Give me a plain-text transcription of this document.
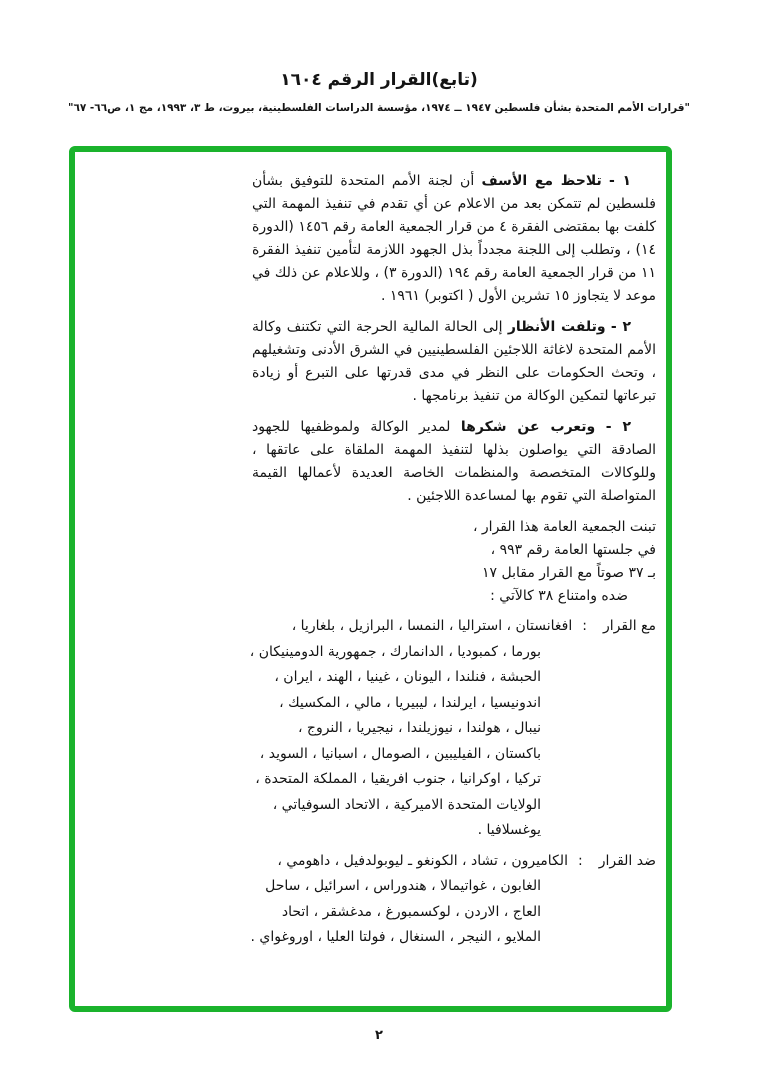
(تابع)القرار الرقم ١٦٠٤
"قرارات الأمم المتحدة بشأن فلسطين ١٩٤٧ ــ ١٩٧٤، مؤسسة الدراسات الفلسطينية، بيروت، ط ٣، ١٩٩٣، مج ١، ص٦٦- ٦٧"

١ - تلاحظ مع الأسف أن لجنة الأمم المتحدة للتوفيق بشأن فلسطين لم تتمكن بعد من الاعلام عن أي تقدم في تنفيذ المهمة التي كلفت بها بمقتضى الفقرة ٤ من قرار الجمعية العامة رقم ١٤٥٦ (الدورة ١٤) ، وتطلب إلى اللجنة مجدداً بذل الجهود اللازمة لتأمين تنفيذ الفقرة ١١ من قرار الجمعية العامة رقم ١٩٤ (الدورة ٣) ، وللاعلام عن ذلك في موعد لا يتجاوز ١٥ تشرين الأول ( اكتوبر) ١٩٦١ .

٢ - وتلفت الأنظار إلى الحالة المالية الحرجة التي تكتنف وكالة الأمم المتحدة لاغاثة اللاجئين الفلسطينيين في الشرق الأدنى وتشغيلهم ، وتحث الحكومات على النظر في مدى قدرتها على التبرع أو زيادة تبرعاتها لتمكين الوكالة من تنفيذ برنامجها .

٢ - وتعرب عن شكرها لمدير الوكالة ولموظفيها للجهود الصادقة التي يواصلون بذلها لتنفيذ المهمة الملقاة على عاتقها ، وللوكالات المتخصصة والمنظمات الخاصة العديدة لأعمالها القيمة المتواصلة التي تقوم بها لمساعدة اللاجئين .

تبنت الجمعية العامة هذا القرار ،
في جلستها العامة رقم ٩٩٣ ،
بـ ٣٧ صوتاً مع القرار مقابل ١٧
ضده وامتناع ٣٨ كالآتي :
مع القرار:افغانستان ، استراليا ، النمسا ، البرازيل ، بلغاريا ،
بورما ، كمبوديا ، الدانمارك ، جمهورية الدومينيكان ،
الحبشة ، فنلندا ، اليونان ، غينيا ، الهند ، ايران ،
اندونيسيا ، ايرلندا ، ليبيريا ، مالي ، المكسيك ،
نيبال ، هولندا ، نيوزيلندا ، نيجيريا ، النروج ،
باكستان ، الفيليبين ، الصومال ، اسبانيا ، السويد ،
تركيا ، اوكرانيا ، جنوب افريقيا ، المملكة المتحدة ،
الولايات المتحدة الاميركية ، الاتحاد السوفياتي ،
يوغسلافيا .
ضد القرار:الكاميرون ، تشاد ، الكونغو ـ ليوبولدفيل ، داهومي ،
الغابون ، غواتيمالا ، هندوراس ، اسرائيل ، ساحل
العاج ، الاردن ، لوكسمبورغ ، مدغشقر ، اتحاد
الملايو ، النيجر ، السنغال ، فولتا العليا ، اوروغواي .
٢
